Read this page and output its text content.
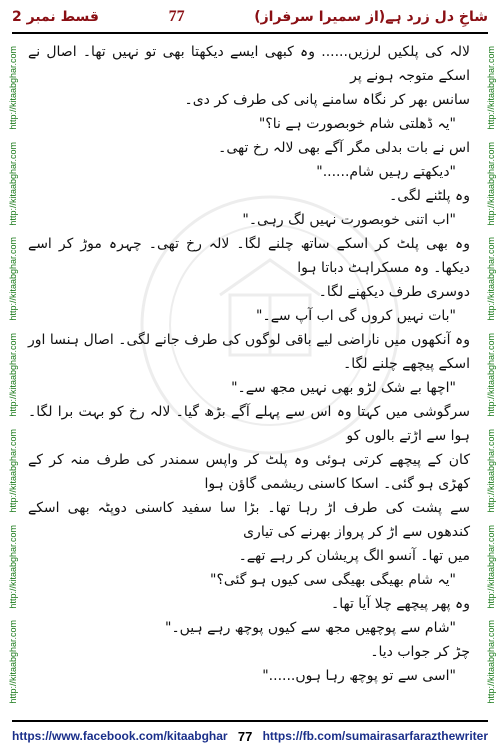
قسط نمبر 2	77	شاخِ دل زرد ہے(از سمیرا سرفراز)
http://kitaabghar.com
http://kitaabghar.com
http://kitaabghar.com
http://kitaabghar.com
http://kitaabghar.com
http://kitaabghar.com
http://kitaabghar.com
http://kitaabghar.com
http://kitaabghar.com
http://kitaabghar.com
http://kitaabghar.com
http://kitaabghar.com
http://kitaabghar.com
http://kitaabghar.com

لالہ کی پلکیں لرزیں...... وہ کبھی ایسے دیکھتا بھی تو نہیں تھا۔ اصال نے اسکے متوجہ ہونے پر

سانس بھر کر نگاہ سامنے پانی کی طرف کر دی۔

"یہ ڈھلتی شام خوبصورت ہے نا؟"

اس نے بات بدلی مگر آگے بھی لالہ رخ تھی۔

"دیکھتے رہیں شام......"

وہ پلٹنے لگی۔

"اب اتنی خوبصورت نہیں لگ رہی۔"

وہ بھی پلٹ کر اسکے ساتھ چلنے لگا۔ لالہ رخ تھی۔ چہرہ موڑ کر اسے دیکھا۔ وہ مسکراہٹ دباتا ہوا

دوسری طرف دیکھنے لگا۔

"بات نہیں کروں گی اب آپ سے۔"

وہ آنکھوں میں ناراضی لیے باقی لوگوں کی طرف جانے لگی۔ اصال ہنسا اور اسکے پیچھے چلنے لگا۔

"اچھا بے شک لڑو بھی نہیں مجھ سے۔"

سرگوشی میں کہتا وہ اس سے پہلے آگے بڑھ گیا۔ لالہ رخ کو بہت برا لگا۔ ہوا سے اڑتے بالوں کو

کان کے پیچھے کرتی ہوئی وہ پلٹ کر واپس سمندر کی طرف منہ کر کے کھڑی ہو گئی۔ اسکا کاسنی ریشمی گاؤن ہوا

سے پشت کی طرف اڑ رہا تھا۔ بڑا سا سفید کاسنی دوپٹہ بھی اسکے کندھوں سے اڑ کر پرواز بھرنے کی تیاری

میں تھا۔ آنسو الگ پریشان کر رہے تھے۔

"یہ شام بھیگی بھیگی سی کیوں ہو گئی؟"

وہ پھر پیچھے چلا آیا تھا۔

"شام سے پوچھیں مجھ سے کیوں پوچھ رہے ہیں۔"

چڑ کر جواب دیا۔

"اسی سے تو پوچھ رہا ہوں......"

https://www.facebook.com/kitaabghar 77 https://fb.com/sumairasarfarazthewriter
